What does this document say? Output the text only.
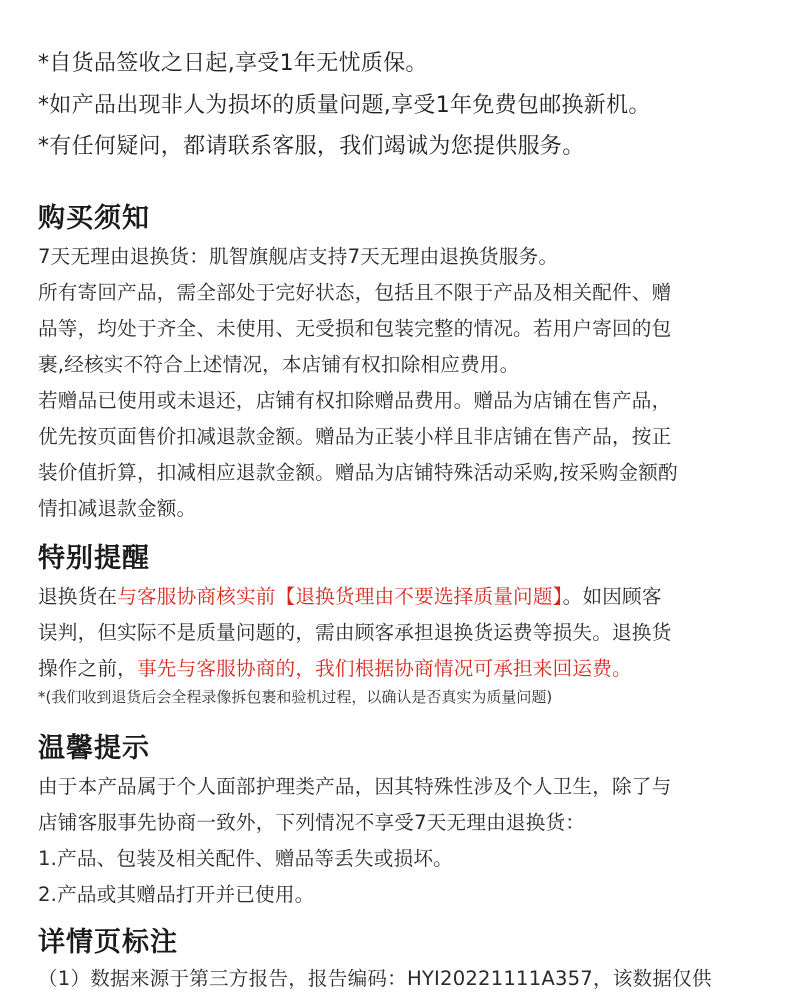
*自货品签收之日起,享受1年无忧质保。
*如产品出现非人为损坏的质量问题,享受1年免费包邮换新机。
*有任何疑问，都请联系客服，我们竭诚为您提供服务。
购买须知
7天无理由退换货：肌智旗舰店支持7天无理由退换货服务。
所有寄回产品，需全部处于完好状态，包括且不限于产品及相关配件、赠
品等，均处于齐全、未使用、无受损和包装完整的情况。若用户寄回的包
裹,经核实不符合上述情况，本店铺有权扣除相应费用。
若赠品已使用或未退还，店铺有权扣除赠品费用。赠品为店铺在售产品，
优先按页面售价扣减退款金额。赠品为正装小样且非店铺在售产品，按正
装价值折算，扣减相应退款金额。赠品为店铺特殊活动采购,按采购金额酌
情扣减退款金额。
特别提醒
退换货在与客服协商核实前【退换货理由不要选择质量问题】。如因顾客
误判，但实际不是质量问题的，需由顾客承担退换货运费等损失。退换货
操作之前，事先与客服协商的，我们根据协商情况可承担来回运费。
*(我们收到退货后会全程录像拆包裹和验机过程，以确认是否真实为质量问题)
温馨提示
由于本产品属于个人面部护理类产品，因其特殊性涉及个人卫生，除了与
店铺客服事先协商一致外，下列情况不享受7天无理由退换货：
1.产品、包装及相关配件、赠品等丢失或损坏。
2.产品或其赠品打开并已使用。
详情页标注
（1）数据来源于第三方报告，报告编码：HYI20221111A357，该数据仅供
